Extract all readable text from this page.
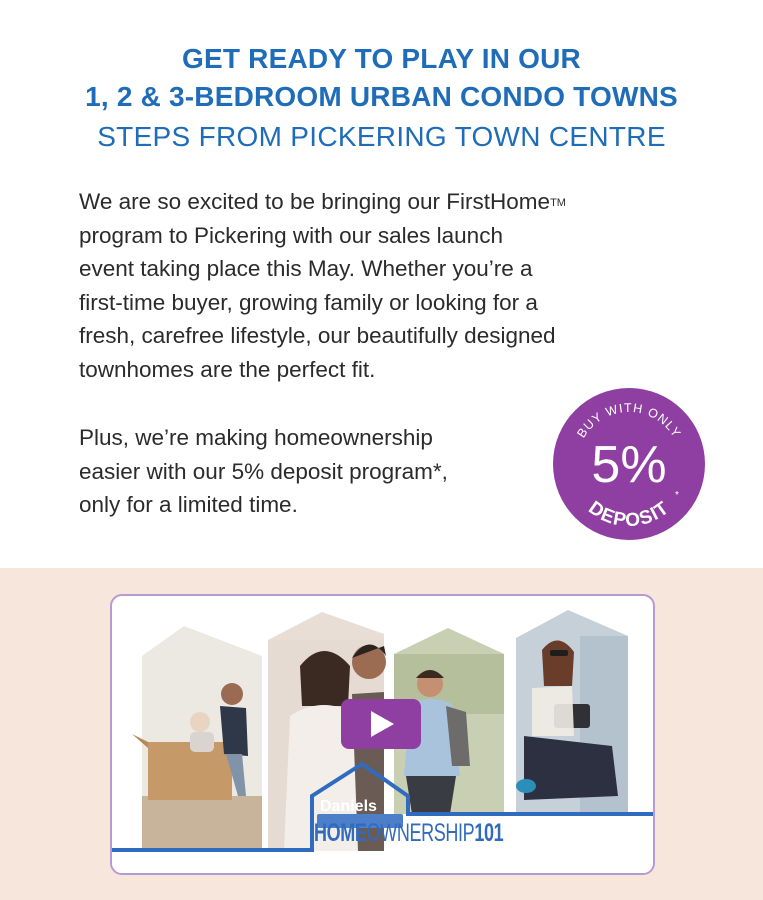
GET READY TO PLAY IN OUR
1, 2 & 3-BEDROOM URBAN CONDO TOWNS
STEPS FROM PICKERING TOWN CENTRE
We are so excited to be bringing our FirstHome™
program to Pickering with our sales launch
event taking place this May. Whether you’re a
first-time buyer, growing family or looking for a
fresh, carefree lifestyle, our beautifully designed
townhomes are the perfect fit.
Plus, we’re making homeownership
easier with our 5% deposit program*,
only for a limited time.
BUY WITH ONLY
5%
DEPOSIT
*
Daniels
HOMEOWNERSHIP101
